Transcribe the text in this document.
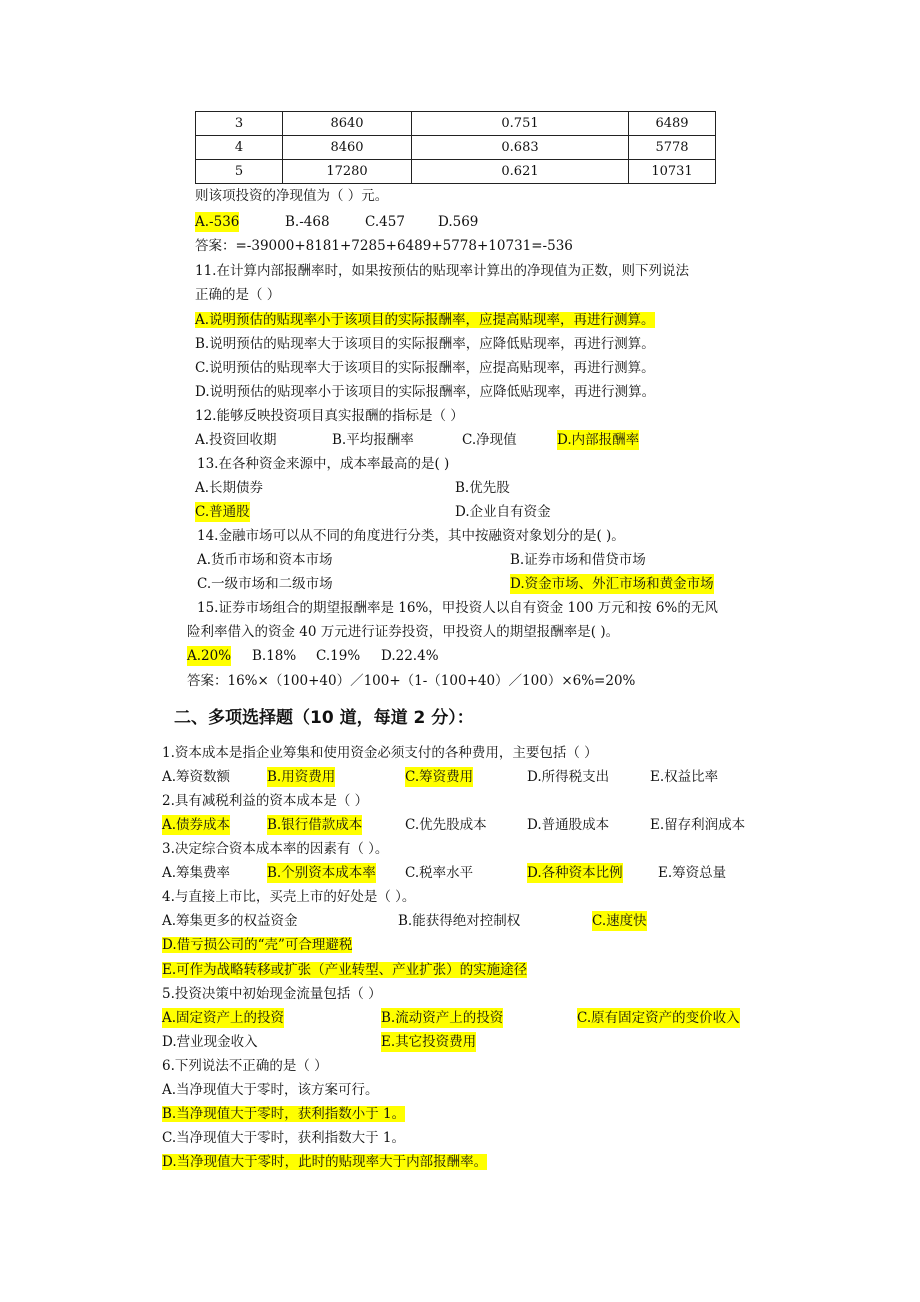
3	8640	0.751	6489
4	8460	0.683	5778
5	17280	0.621	10731
则该项投资的净现值为（ ）元。
A.-536	B.-468	C.457 D.569
答案：=-39000+8181+7285+6489+5778+10731=-536
11.在计算内部报酬率时，如果按预估的贴现率计算出的净现值为正数，则下列说法
正确的是（ ）
A.说明预估的贴现率小于该项目的实际报酬率，应提高贴现率，再进行测算。
B.说明预估的贴现率大于该项目的实际报酬率，应降低贴现率，再进行测算。
C.说明预估的贴现率大于该项目的实际报酬率，应提高贴现率，再进行测算。
D.说明预估的贴现率小于该项目的实际报酬率，应降低贴现率，再进行测算。
12.能够反映投资项目真实报酬的指标是（ ）
A.投资回收期	B.平均报酬率	C.净现值	D.内部报酬率
13.在各种资金来源中，成本率最高的是( )
A.长期债券	B.优先股
C.普通股	D.企业自有资金
14.金融市场可以从不同的角度进行分类，其中按融资对象划分的是( )。
A.货币市场和资本市场	B.证券市场和借贷市场
C.一级市场和二级市场	D.资金市场、外汇市场和黄金市场
15.证券市场组合的期望报酬率是 16%，甲投资人以自有资金 100 万元和按 6%的无风
险利率借入的资金 40 万元进行证券投资，甲投资人的期望报酬率是( )。
A.20% B.18% C.19% D.22.4%
答案：16%×（100+40）／100+（1-（100+40）／100）×6%=20%
二、多项选择题（10 道，每道 2 分）：
1.资本成本是指企业筹集和使用资金必须支付的各种费用，主要包括（ ）
A.筹资数额	B.用资费用	C.筹资费用	D.所得税支出	E.权益比率
2.具有减税利益的资本成本是（ ）
A.债券成本	B.银行借款成本	C.优先股成本	D.普通股成本	E.留存利润成本
3.决定综合资本成本率的因素有（ ）。
A.筹集费率	B.个别资本成本率 C.税率水平	D.各种资本比例	E.筹资总量
4.与直接上市比，买壳上市的好处是（ ）。
A.筹集更多的权益资金	B.能获得绝对控制权	C.速度快
D.借亏损公司的“壳”可合理避税
E.可作为战略转移或扩张（产业转型、产业扩张）的实施途径
5.投资决策中初始现金流量包括（ ）
A.固定资产上的投资	B.流动资产上的投资	C.原有固定资产的变价收入
D.营业现金收入	E.其它投资费用
6.下列说法不正确的是（ ）
A.当净现值大于零时，该方案可行。
B.当净现值大于零时，获利指数小于 1。
C.当净现值大于零时，获利指数大于 1。
D.当净现值大于零时，此时的贴现率大于内部报酬率。
